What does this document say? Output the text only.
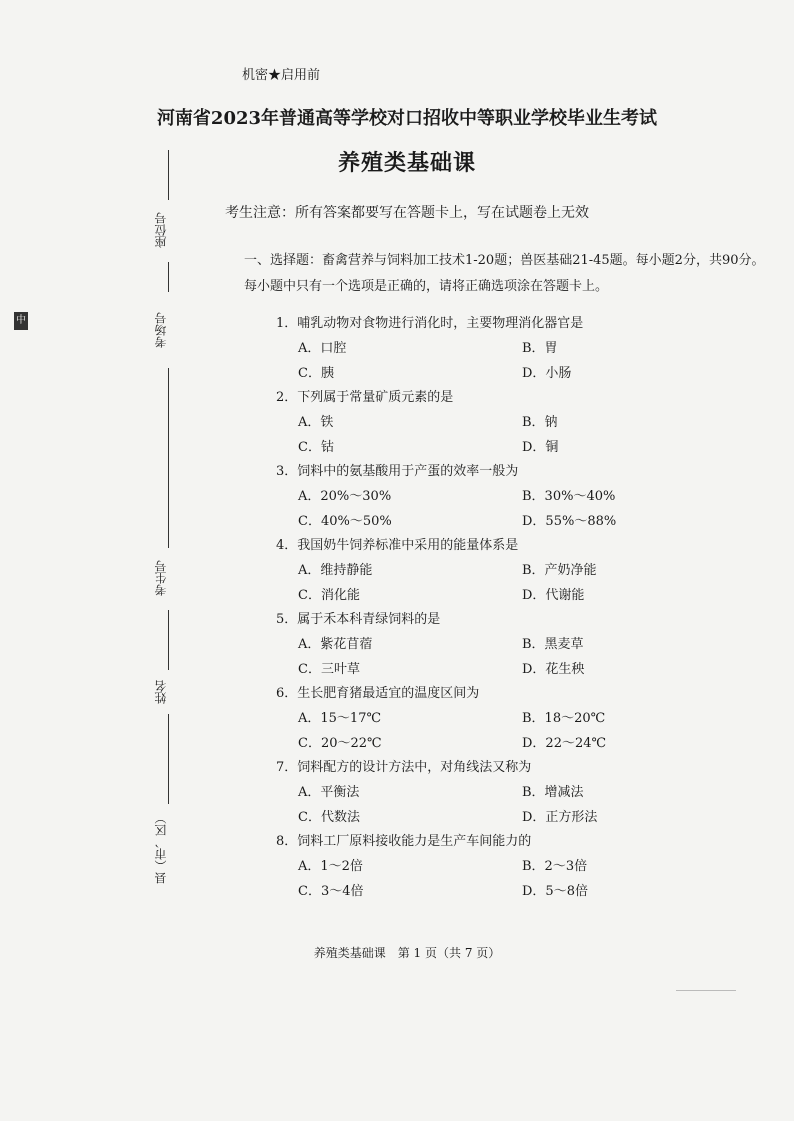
中
座位号
考场号
考生号
姓名
县（市、区）
机密★启用前
河南省2023年普通高等学校对口招收中等职业学校毕业生考试
养殖类基础课
考生注意：所有答案都要写在答题卡上，写在试题卷上无效
一、选择题：畜禽营养与饲料加工技术1-20题；兽医基础21-45题。每小题2分，共90分。每小题中只有一个选项是正确的，请将正确选项涂在答题卡上。
1．哺乳动物对食物进行消化时，主要物理消化器官是
A．口腔	B．胃
C．胰	D．小肠
2．下列属于常量矿质元素的是
A．铁	B．钠
C．钴	D．铜
3．饲料中的氨基酸用于产蛋的效率一般为
A．20%～30%	B．30%～40%
C．40%～50%	D．55%～88%
4．我国奶牛饲养标准中采用的能量体系是
A．维持静能	B．产奶净能
C．消化能	D．代谢能
5．属于禾本科青绿饲料的是
A．紫花苜蓿	B．黑麦草
C．三叶草	D．花生秧
6．生长肥育猪最适宜的温度区间为
A．15～17℃	B．18～20℃
C．20～22℃	D．22～24℃
7．饲料配方的设计方法中，对角线法又称为
A．平衡法	B．增减法
C．代数法	D．正方形法
8．饲料工厂原料接收能力是生产车间能力的
A．1～2倍	B．2～3倍
C．3～4倍	D．5～8倍
养殖类基础课　第 1 页（共 7 页）
